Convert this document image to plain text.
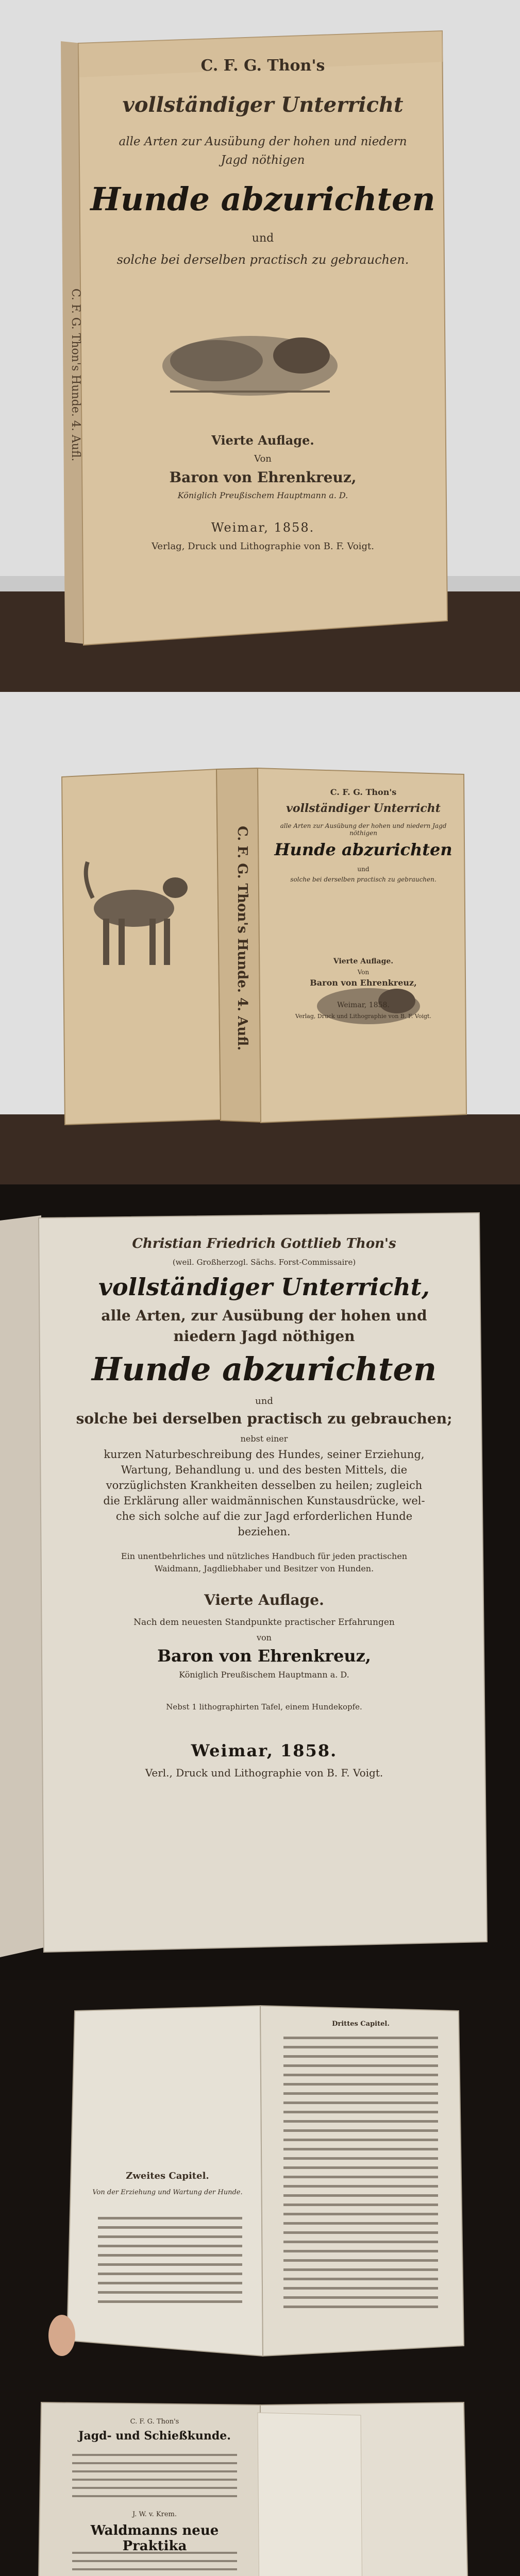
C. F. G. Thon's Hunde. 4. Aufl.
C. F. G. Thon's
vollständiger Unterricht
alle Arten zur Ausübung der hohen und niedern
Jagd nöthigen
Hunde abzurichten
und
solche bei derselben practisch zu gebrauchen.
Vierte Auflage.
Von
Baron von Ehrenkreuz,
Königlich Preußischem Hauptmann a. D.
Weimar, 1858.
Verlag, Druck und Lithographie von B. F. Voigt.
C. F. G. Thon's Hunde. 4. Aufl.
C. F. G. Thon's
vollständiger Unterricht
alle Arten zur Ausübung der hohen und niedern Jagd nöthigen
Hunde abzurichten
und
solche bei derselben practisch zu gebrauchen.
Vierte Auflage.
Von
Baron von Ehrenkreuz,
Weimar, 1858.
Verlag, Druck und Lithographie von B. F. Voigt.
Christian Friedrich Gottlieb Thon's
(weil. Großherzogl. Sächs. Forst-Commissaire)
vollständiger Unterricht,
alle Arten, zur Ausübung der hohen und
niedern Jagd nöthigen
Hunde abzurichten
und
solche bei derselben practisch zu gebrauchen;
nebst einer
kurzen Naturbeschreibung des Hundes, seiner Erziehung,
Wartung, Behandlung u. und des besten Mittels, die
vorzüglichsten Krankheiten desselben zu heilen; zugleich
die Erklärung aller waidmännischen Kunstausdrücke, wel-
che sich solche auf die zur Jagd erforderlichen Hunde
beziehen.
Ein unentbehrliches und nützliches Handbuch für jeden practischen
Waidmann, Jagdliebhaber und Besitzer von Hunden.
Vierte Auflage.
Nach dem neuesten Standpunkte practischer Erfahrungen
von
Baron von Ehrenkreuz,
Königlich Preußischem Hauptmann a. D.
Nebst 1 lithographirten Tafel, einem Hundekopfe.
Weimar, 1858.
Verl., Druck und Lithographie von B. F. Voigt.
Zweites Capitel.
Von der Erziehung und Wartung der Hunde.
Drittes Capitel.
C. F. G. Thon's
Jagd- und Schießkunde.
J. W. v. Krem.
Waldmanns neue Praktika
